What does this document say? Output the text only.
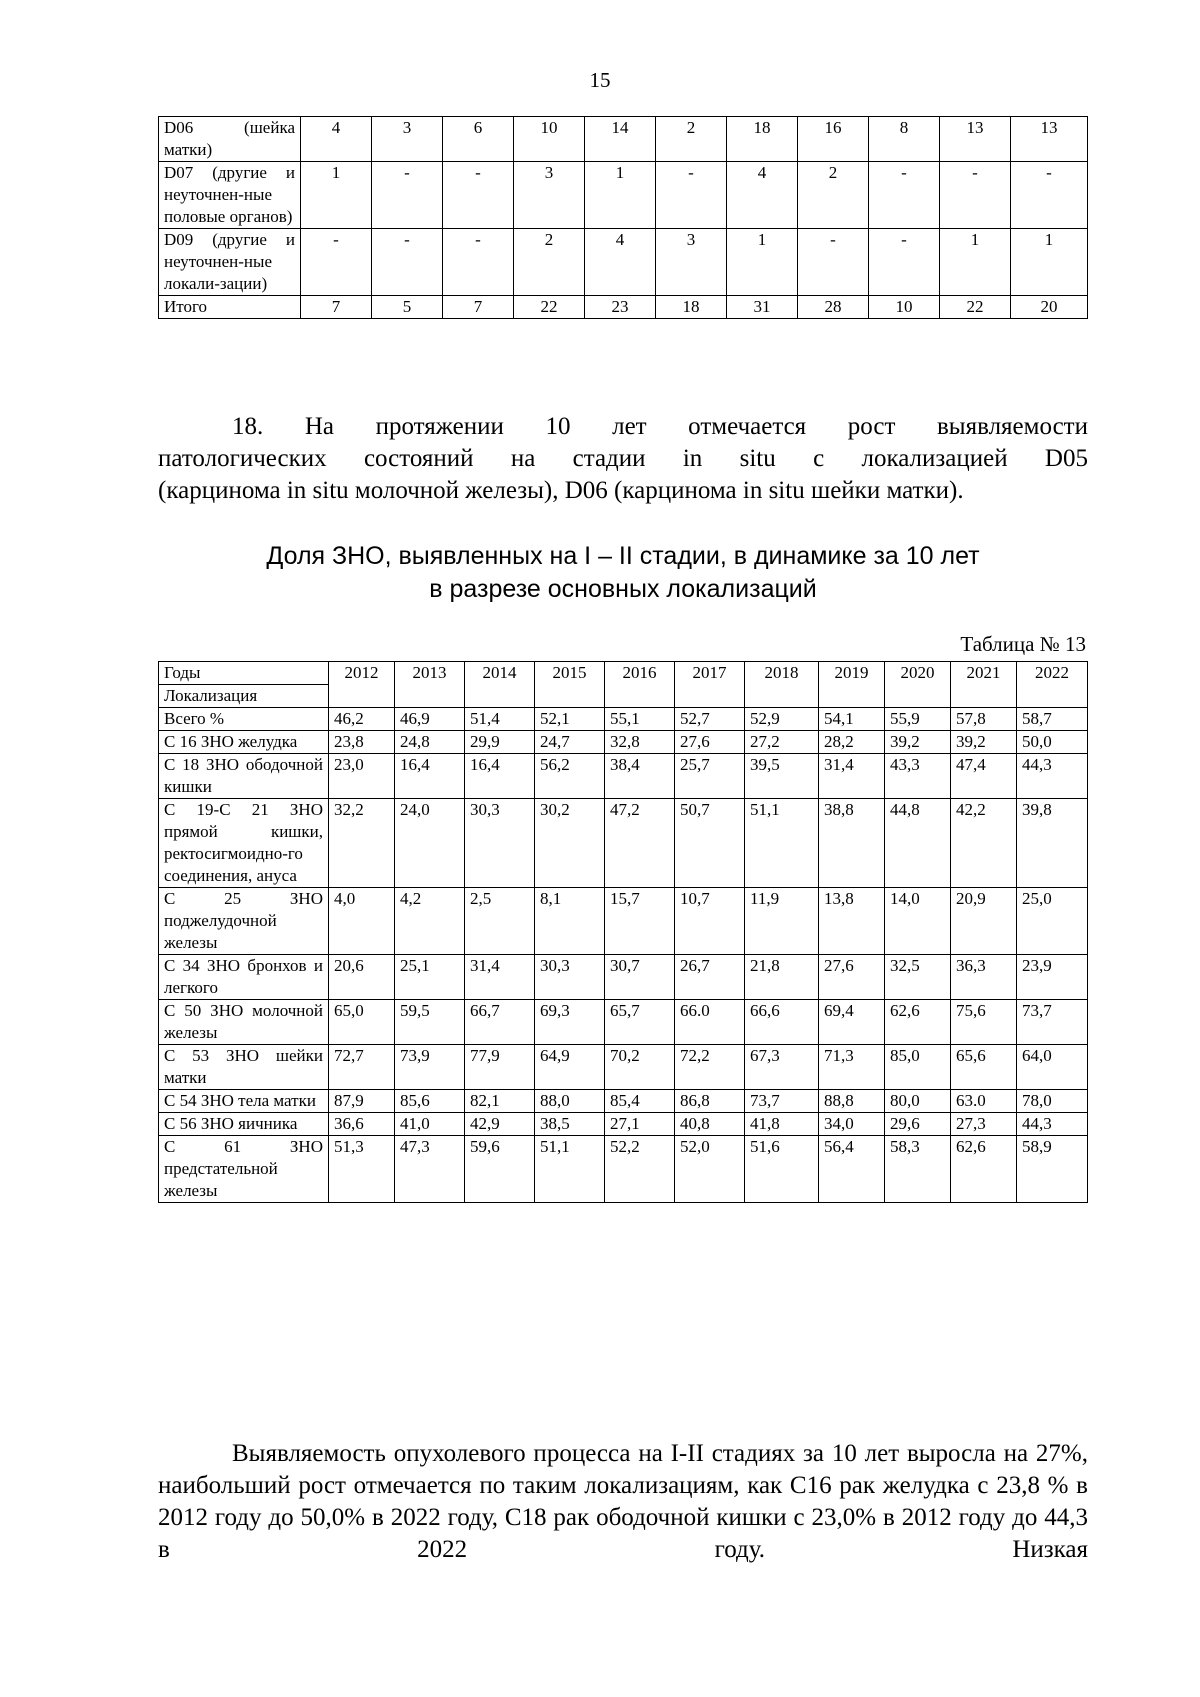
15
D06 (шейка матки)	4	3	6	10	14	2	18	16	8	13	13
D07 (другие и неуточнен-ные половые органов)	1	-	-	3	1	-	4	2	-	-	-
D09 (другие и неуточнен-ные локали-зации)	-	-	-	2	4	3	1	-	-	1	1
Итого	7	5	7	22	23	18	31	28	10	22	20
18. На протяжении 10 лет отмечается рост выявляемости
патологических состояний на стадии in situ с локализацией D05
(карцинома in situ молочной железы), D06 (карцинома in situ шейки матки).
Доля ЗНО, выявленных на I – II стадии, в динамике за 10 лет
в разрезе основных локализаций
Таблица № 13
Годы	2012	2013	2014	2015	2016	2017	2018	2019	2020	2021	2022
Локализация											
Всего %	46,2	46,9	51,4	52,1	55,1	52,7	52,9	54,1	55,9	57,8	58,7
С 16 ЗНО желудка	23,8	24,8	29,9	24,7	32,8	27,6	27,2	28,2	39,2	39,2	50,0
С 18 ЗНО ободочной кишки	23,0	16,4	16,4	56,2	38,4	25,7	39,5	31,4	43,3	47,4	44,3
С 19-С 21 ЗНО прямой кишки, ректосигмоидно-го соединения, ануса	32,2	24,0	30,3	30,2	47,2	50,7	51,1	38,8	44,8	42,2	39,8
С 25 ЗНО поджелудочной железы	4,0	4,2	2,5	8,1	15,7	10,7	11,9	13,8	14,0	20,9	25,0
С 34 ЗНО бронхов и легкого	20,6	25,1	31,4	30,3	30,7	26,7	21,8	27,6	32,5	36,3	23,9
С 50 ЗНО молочной железы	65,0	59,5	66,7	69,3	65,7	66.0	66,6	69,4	62,6	75,6	73,7
С 53 ЗНО шейки матки	72,7	73,9	77,9	64,9	70,2	72,2	67,3	71,3	85,0	65,6	64,0
С 54 ЗНО тела матки	87,9	85,6	82,1	88,0	85,4	86,8	73,7	88,8	80,0	63.0	78,0
С 56 ЗНО яичника	36,6	41,0	42,9	38,5	27,1	40,8	41,8	34,0	29,6	27,3	44,3
С 61 ЗНО предстательной железы	51,3	47,3	59,6	51,1	52,2	52,0	51,6	56,4	58,3	62,6	58,9
Выявляемость опухолевого процесса на I-II стадиях за 10 лет выросла на 27%, наибольший рост отмечается по таким локализациям, как С16 рак желудка с 23,8 % в 2012 году до 50,0% в 2022 году, С18 рак ободочной кишки с 23,0% в 2012 году до 44,3 в 2022 году. Низкая
